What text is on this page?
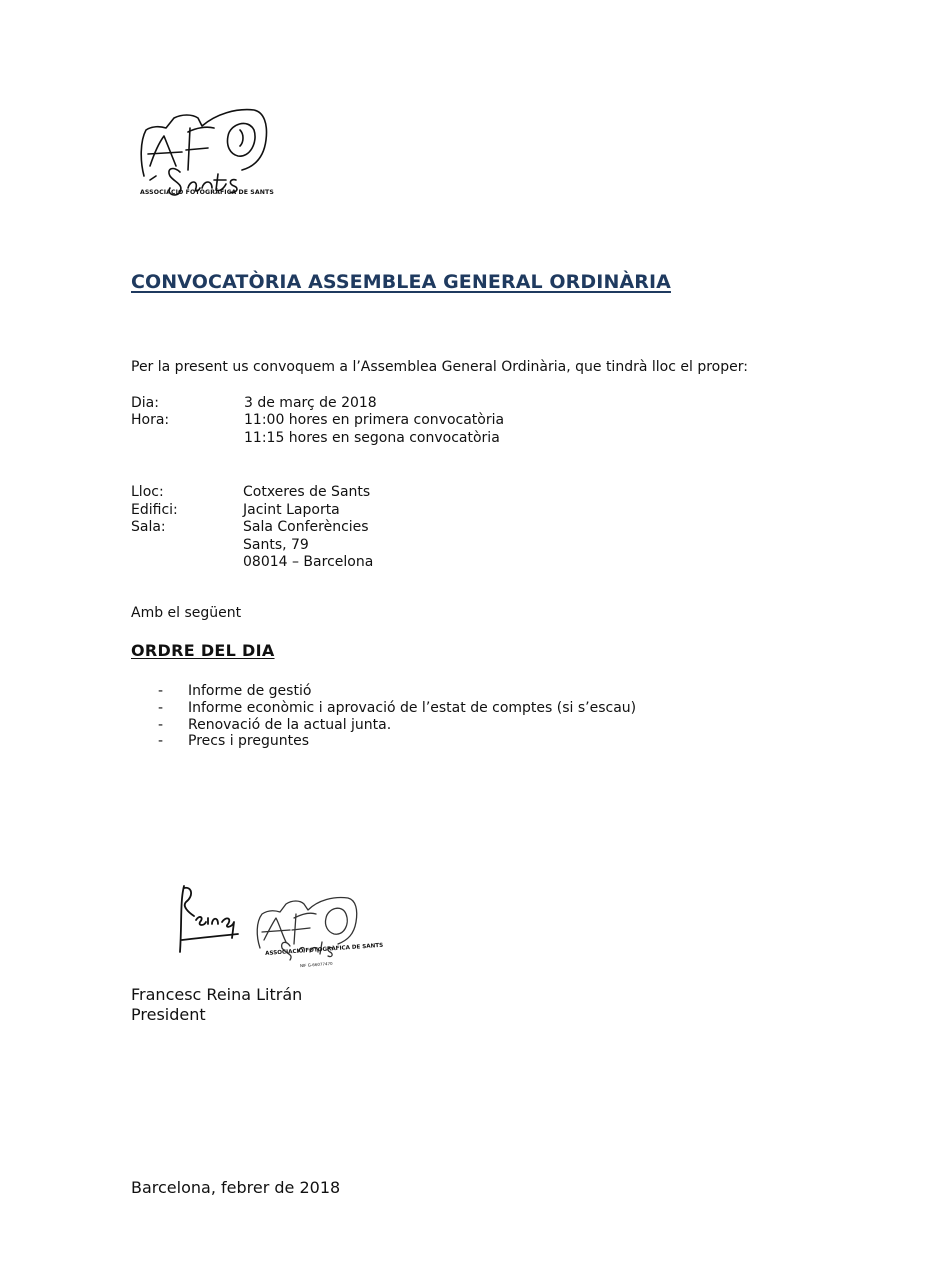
ASSOCIACIÓ FOTOGRÀFICA DE SANTS
CONVOCATÒRIA ASSEMBLEA GENERAL ORDINÀRIA
Per la present us convoquem a l’Assemblea General Ordinària, que tindrà lloc el proper:
Dia:	3 de març de 2018
Hora:	11:00 hores en primera convocatòria
11:15 hores en segona convocatòria
Lloc:	Cotxeres de Sants
Edifici:	Jacint Laporta
Sala:	Sala Conferències
Sants, 79
08014 – Barcelona
Amb el següent
ORDRE DEL DIA
- Informe de gestió
- Informe econòmic i aprovació de l’estat de comptes (si s’escau)
- Renovació de la actual junta.
- Precs i preguntes
ASSOCIACIÓ FOTOGRÀFICA DE SANTS
NIF G-66077470
Francesc Reina Litrán
President
Barcelona, febrer de 2018
